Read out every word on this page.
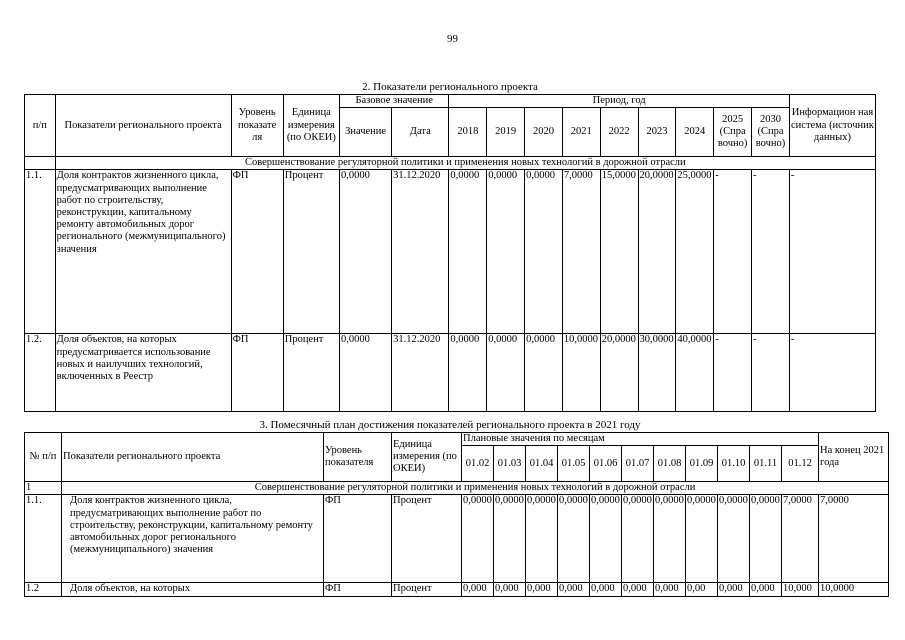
99
2. Показатели регионального проекта
п/п	Показатели регионального проекта	Уровень показате ля	Единица измерения (по ОКЕИ)	Базовое значение		Период, год									Информацион ная система (источник данных)
				Значение	Дата	2018	2019	2020	2021	2022	2023	2024	2025 (Спра вочно)	2030 (Спра вочно)	
	Совершенствование регуляторной политики и применения новых технологий в дорожной отрасли														
1.1.	Доля контрактов жизненного цикла, предусматривающих выполнение работ по строительству, реконструкции, капитальному ремонту автомобильных дорог регионального (межмуниципального) значения	ФП	Процент	0,0000	31.12.2020	0,0000	0,0000	0,0000	7,0000	15,0000	20,0000	25,0000	-	-	-
1.2.	Доля объектов, на которых предусматривается использование новых и наилучших технологий, включенных в Реестр	ФП	Процент	0,0000	31.12.2020	0,0000	0,0000	0,0000	10,0000	20,0000	30,0000	40,0000	-	-	-
3. Помесячный план достижения показателей регионального проекта в 2021 году
№ п/п	Показатели регионального проекта	Уровень показателя	Единица измерения (по ОКЕИ)	Плановые значения по месяцам											На конец 2021 года
				01.02	01.03	01.04	01.05	01.06	01.07	01.08	01.09	01.10	01.11	01.12	
1	Совершенствование регуляторной политики и применения новых технологий в дорожной отрасли														
1.1.	Доля контрактов жизненного цикла, предусматривающих выполнение работ по строительству, реконструкции, капитальному ремонту автомобильных дорог регионального (межмуниципального) значения	ФП	Процент	0,0000	0,0000	0,0000	0,0000	0,0000	0,0000	0,0000	0,0000	0,0000	0,0000	7,0000	7,0000
1.2	Доля объектов, на которых	ФП	Процент	0,000	0,000	0,000	0,000	0,000	0,000	0,000	0,00	0,000	0,000	10,000	10,0000
